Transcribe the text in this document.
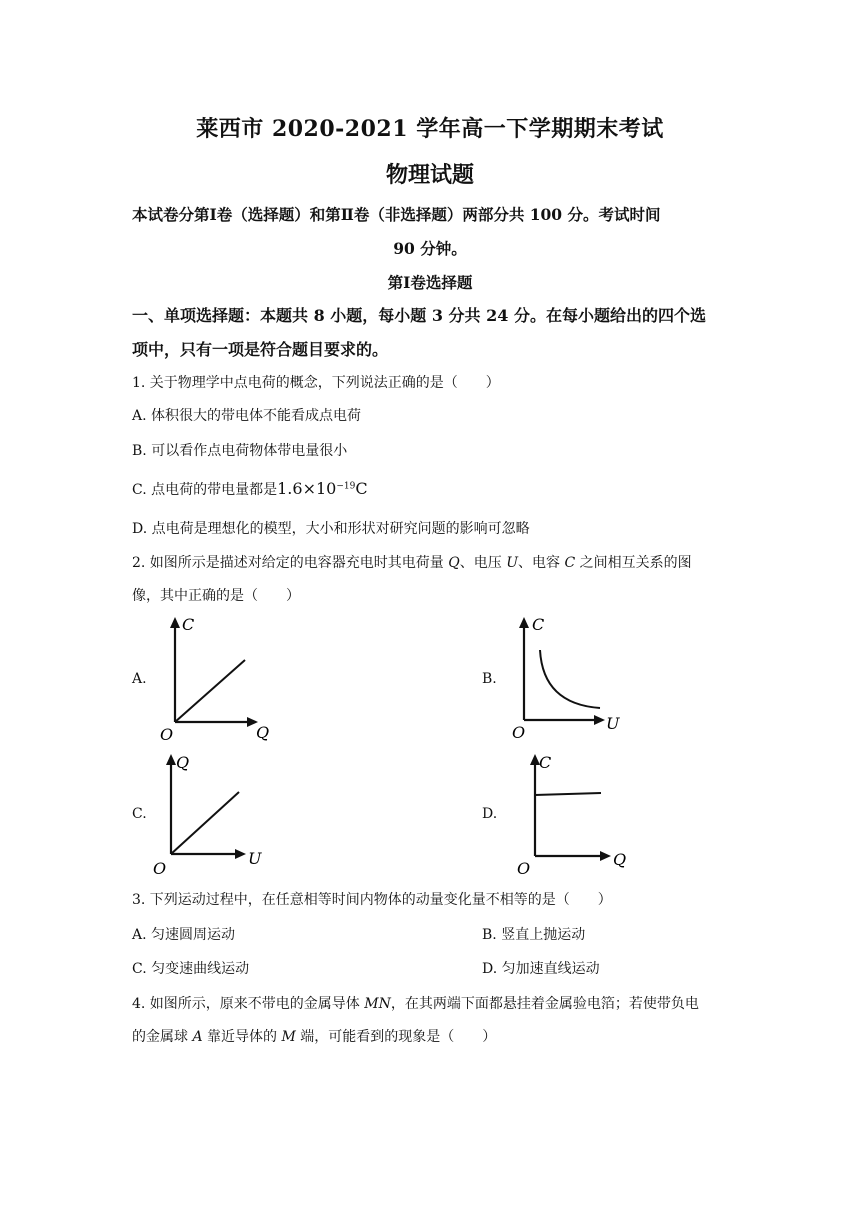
莱西市 2020-2021 学年高一下学期期末考试
物理试题
本试卷分第Ⅰ卷（选择题）和第Ⅱ卷（非选择题）两部分共 100 分。考试时间
90 分钟。
第Ⅰ卷选择题
一、单项选择题：本题共 8 小题，每小题 3 分共 24 分。在每小题给出的四个选
项中，只有一项是符合题目要求的。
1. 关于物理学中点电荷的概念，下列说法正确的是（　　）
A. 体积很大的带电体不能看成点电荷
B. 可以看作点电荷物体带电量很小
C. 点电荷的带电量都是$1.6\times 10^{-19}C$
D. 点电荷是理想化的模型，大小和形状对研究问题的影响可忽略
2. 如图所示是描述对给定的电容器充电时其电荷量 Q、电压 U、电容 C 之间相互关系的图
像，其中正确的是（　　）
A.
C
Q
O
B.
C
U
O
C.
Q
U
O
D.
C
Q
O
3. 下列运动过程中，在任意相等时间内物体的动量变化量不相等的是（　　）
A. 匀速圆周运动	B. 竖直上抛运动
C. 匀变速曲线运动	D. 匀加速直线运动
4. 如图所示，原来不带电的金属导体 MN，在其两端下面都悬挂着金属验电箔；若使带负电
的金属球 A 靠近导体的 M 端，可能看到的现象是（　　）
